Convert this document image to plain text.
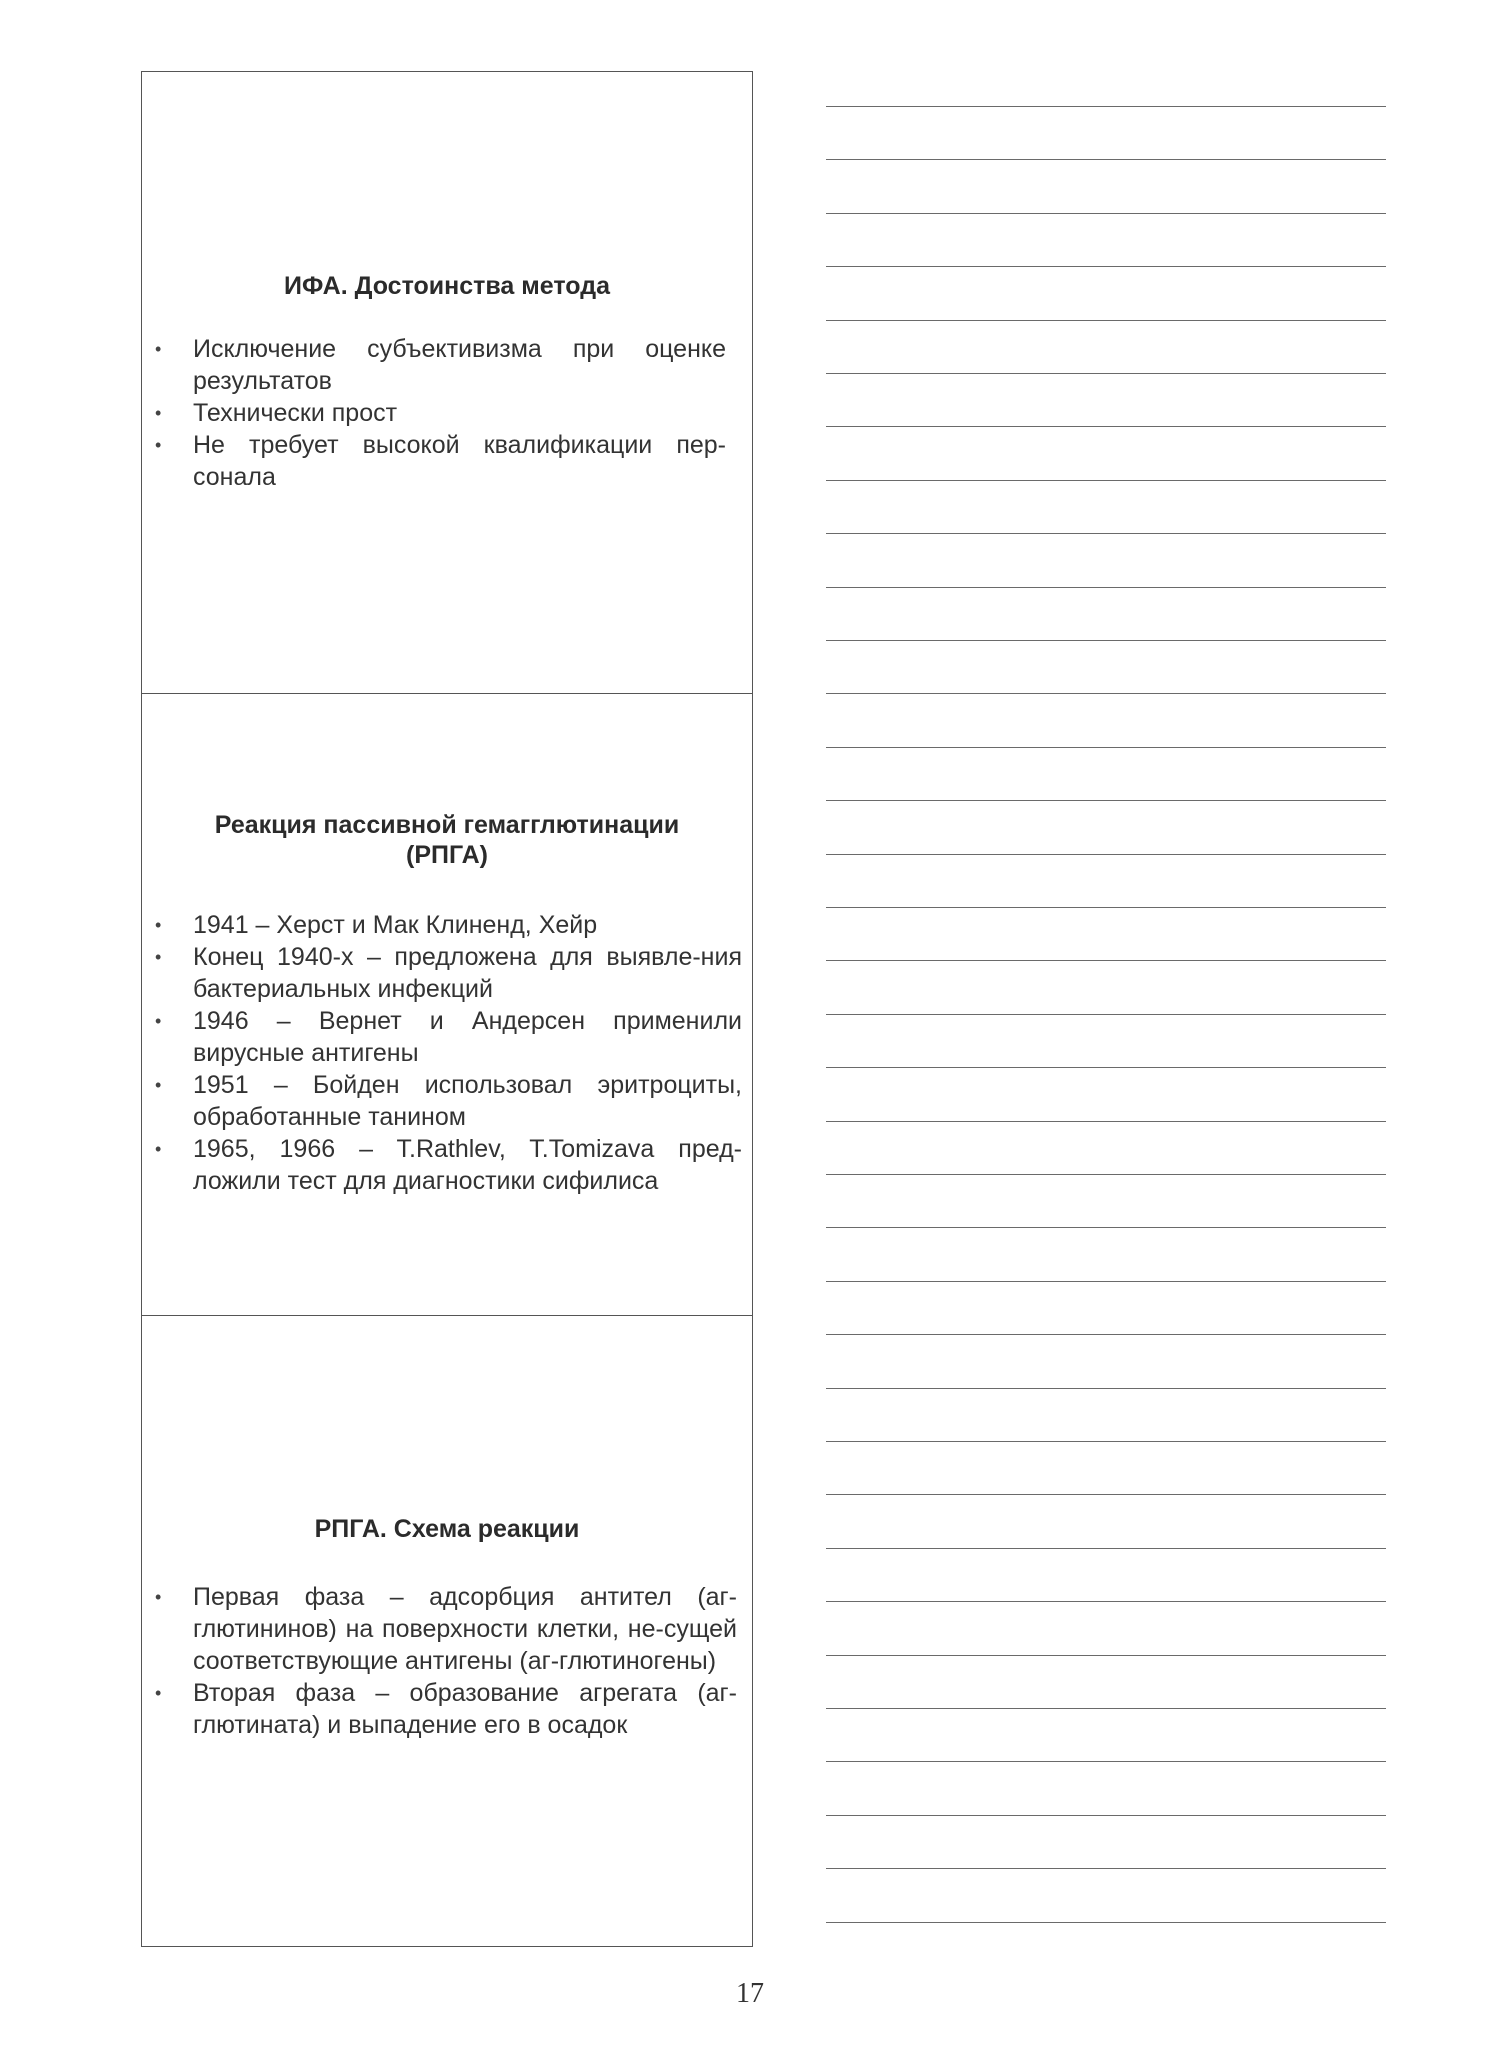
ИФА. Достоинства метода
• Исключение субъективизма при оценке результатов
• Технически прост
• Не требует высокой квалификации пер-сонала
Реакция пассивной гемагглютинации (РПГА)
• 1941 – Херст и Мак Клиненд, Хейр
• Конец 1940-х – предложена для выявле-ния бактериальных инфекций
• 1946 – Вернет и Андерсен применили вирусные антигены
• 1951 – Бойден использовал эритроциты, обработанные танином
• 1965, 1966 – T.Rathlev, T.Tomizava пред-ложили тест для диагностики сифилиса
РПГА. Схема реакции
• Первая фаза – адсорбция антител (аг-глютининов) на поверхности клетки, не-сущей соответствующие антигены (аг-глютиногены)
• Вторая фаза – образование агрегата (аг-глютината) и выпадение его в осадок
17
